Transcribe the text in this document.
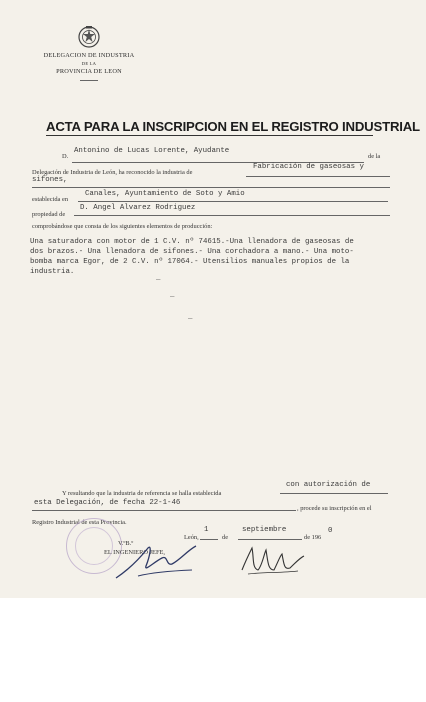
DELEGACION DE INDUSTRIA
DE LA
PROVINCIA DE LEON
ACTA PARA LA INSCRIPCION EN EL REGISTRO INDUSTRIAL
D.
Antonino de Lucas Lorente, Ayudante
de la
Delegación de Industria de León, ha reconocido la industria de
Fabricación de gaseosas y
sifones,
establecida en
Canales, Ayuntamiento de Soto y Amio
propiedad de
D. Angel Alvarez Rodriguez
comprobándose que consta de los siguientes elementos de producción:
Una saturadora con motor de 1 C.V. nº 74615.-Una llenadora de gaseosas de
dos brazos.- Una llenadora de sifones.- Una corchadora a mano.- Una moto-
bomba marca Egor, de 2 C.V. nº 17064.- Utensilios manuales propios de la
industria.
_
_
_
Y resultando que la industria de referencia se halla establecida
con autorización de
esta Delegación, de fecha 22-1-46
, procede su inscripción en el
Registro Industrial de esta Provincia.
León,
1
de
septiembre
de 196
0
V.ºB.º
EL INGENIERO JEFE,
